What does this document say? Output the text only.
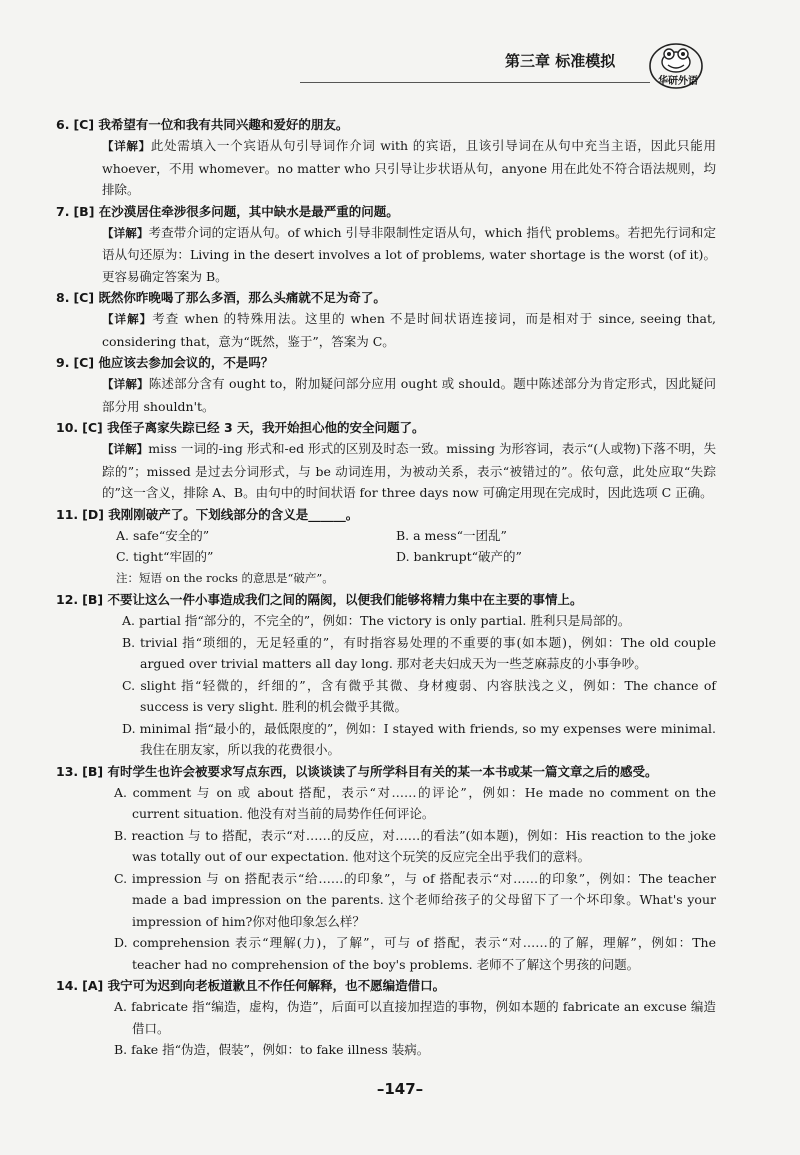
第三章 标准模拟
华研外语
6. [C] 我希望有一位和我有共同兴趣和爱好的朋友。
【详解】此处需填入一个宾语从句引导词作介词 with 的宾语，且该引导词在从句中充当主语，因此只能用 whoever，不用 whomever。no matter who 只引导让步状语从句，anyone 用在此处不符合语法规则，均排除。
7. [B] 在沙漠居住牵涉很多问题，其中缺水是最严重的问题。
【详解】考查带介词的定语从句。of which 引导非限制性定语从句，which 指代 problems。若把先行词和定语从句还原为：Living in the desert involves a lot of problems, water shortage is the worst (of it)。更容易确定答案为 B。
8. [C] 既然你昨晚喝了那么多酒，那么头痛就不足为奇了。
【详解】考查 when 的特殊用法。这里的 when 不是时间状语连接词，而是相对于 since, seeing that, considering that，意为“既然，鉴于”，答案为 C。
9. [C] 他应该去参加会议的，不是吗？
【详解】陈述部分含有 ought to，附加疑问部分应用 ought 或 should。题中陈述部分为肯定形式，因此疑问部分用 shouldn't。
10. [C] 我侄子离家失踪已经 3 天，我开始担心他的安全问题了。
【详解】miss 一词的-ing 形式和-ed 形式的区别及时态一致。missing 为形容词，表示“(人或物)下落不明，失踪的”；missed 是过去分词形式，与 be 动词连用，为被动关系，表示“被错过的”。依句意，此处应取“失踪的”这一含义，排除 A、B。由句中的时间状语 for three days now 可确定用现在完成时，因此选项 C 正确。
11. [D] 我刚刚破产了。下划线部分的含义是______。
A. safe“安全的”	B. a mess“一团乱”
C. tight“牢固的”	D. bankrupt“破产的”
注：短语 on the rocks 的意思是“破产”。
12. [B] 不要让这么一件小事造成我们之间的隔阂，以便我们能够将精力集中在主要的事情上。
A. partial 指“部分的，不完全的”，例如：The victory is only partial. 胜利只是局部的。
B. trivial 指“琐细的，无足轻重的”，有时指容易处理的不重要的事(如本题)，例如：The old couple argued over trivial matters all day long. 那对老夫妇成天为一些芝麻蒜皮的小事争吵。
C. slight 指“轻微的，纤细的”，含有微乎其微、身材瘦弱、内容肤浅之义，例如：The chance of success is very slight. 胜利的机会微乎其微。
D. minimal 指“最小的，最低限度的”，例如：I stayed with friends, so my expenses were minimal. 我住在朋友家，所以我的花费很小。
13. [B] 有时学生也许会被要求写点东西，以谈谈读了与所学科目有关的某一本书或某一篇文章之后的感受。
A. comment 与 on 或 about 搭配，表示“对……的评论”，例如：He made no comment on the current situation. 他没有对当前的局势作任何评论。
B. reaction 与 to 搭配，表示“对……的反应，对……的看法”(如本题)，例如：His reaction to the joke was totally out of our expectation. 他对这个玩笑的反应完全出乎我们的意料。
C. impression 与 on 搭配表示“给……的印象”，与 of 搭配表示“对……的印象”，例如：The teacher made a bad impression on the parents. 这个老师给孩子的父母留下了一个坏印象。What's your impression of him?你对他印象怎么样？
D. comprehension 表示“理解(力)，了解”，可与 of 搭配，表示“对……的了解，理解”，例如：The teacher had no comprehension of the boy's problems. 老师不了解这个男孩的问题。
14. [A] 我宁可为迟到向老板道歉且不作任何解释，也不愿编造借口。
A. fabricate 指“编造，虚构，伪造”，后面可以直接加捏造的事物，例如本题的 fabricate an excuse 编造借口。
B. fake 指“伪造，假装”，例如：to fake illness 装病。
–147–
